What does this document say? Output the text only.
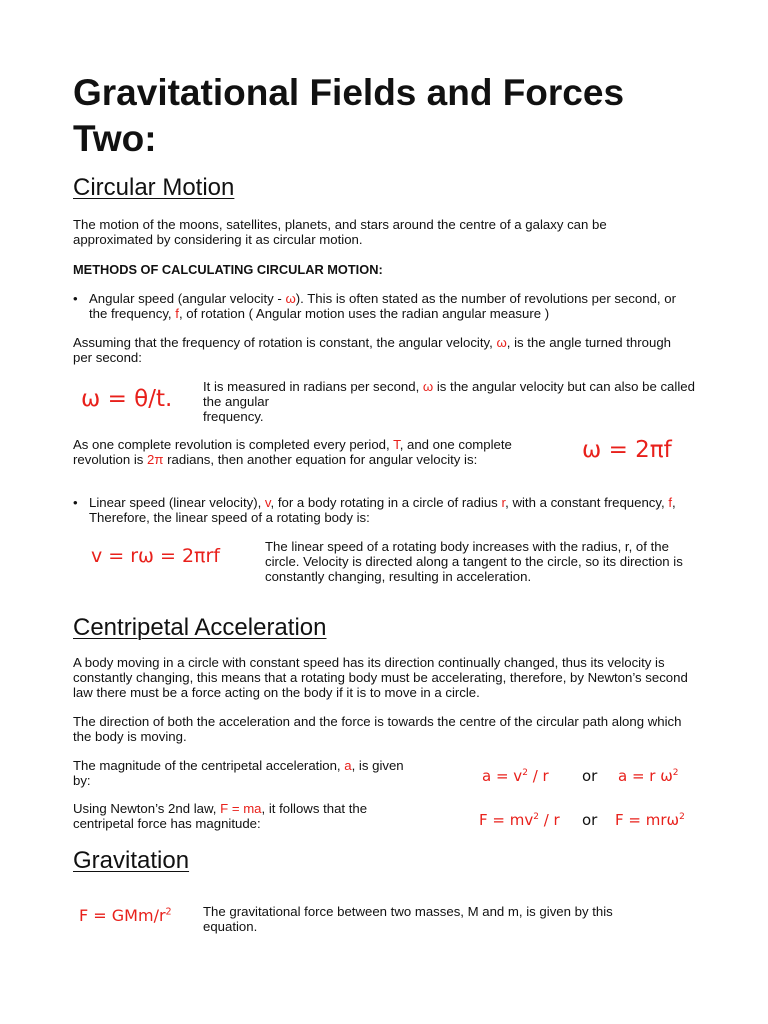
Gravitational Fields and Forces Two:
Circular Motion
The motion of the moons, satellites, planets, and stars around the centre of a galaxy can be approximated by considering it as circular motion.
METHODS OF CALCULATING CIRCULAR MOTION:
• Angular speed (angular velocity - ω). This is often stated as the number of revolutions per second, or the frequency, f, of rotation ( Angular motion uses the radian angular measure )
Assuming that the frequency of rotation is constant, the angular velocity, ω, is the angle turned through per second:
ω = θ/t. It is measured in radians per second, ω is the angular velocity but can also be called the angular
frequency.
As one complete revolution is completed every period, T, and one complete revolution is 2π radians, then another equation for angular velocity is:	ω = 2πf
• Linear speed (linear velocity), v, for a body rotating in a circle of radius r, with a constant frequency, f, Therefore, the linear speed of a rotating body is:
v = rω = 2πrf	The linear speed of a rotating body increases with the radius, r, of the circle. Velocity is directed along a tangent to the circle, so its direction is constantly changing, resulting in acceleration.
Centripetal Acceleration
A body moving in a circle with constant speed has its direction continually changed, thus its velocity is constantly changing, this means that a rotating body must be accelerating, therefore, by Newton’s second law there must be a force acting on the body if it is to move in a circle.
The direction of both the acceleration and the force is towards the centre of the circular path along which the body is moving.
The magnitude of the centripetal acceleration, a, is given by:	$a = v^2 / r$ or a = r $\omega^2$
Using Newton’s 2nd law, F = ma, it follows that the centripetal force has magnitude:	$F = mv^2 / r$ or F = mrω$^2$
Gravitation
F = GMm/$r^2$ The gravitational force between two masses, M and m, is given by this equation.
